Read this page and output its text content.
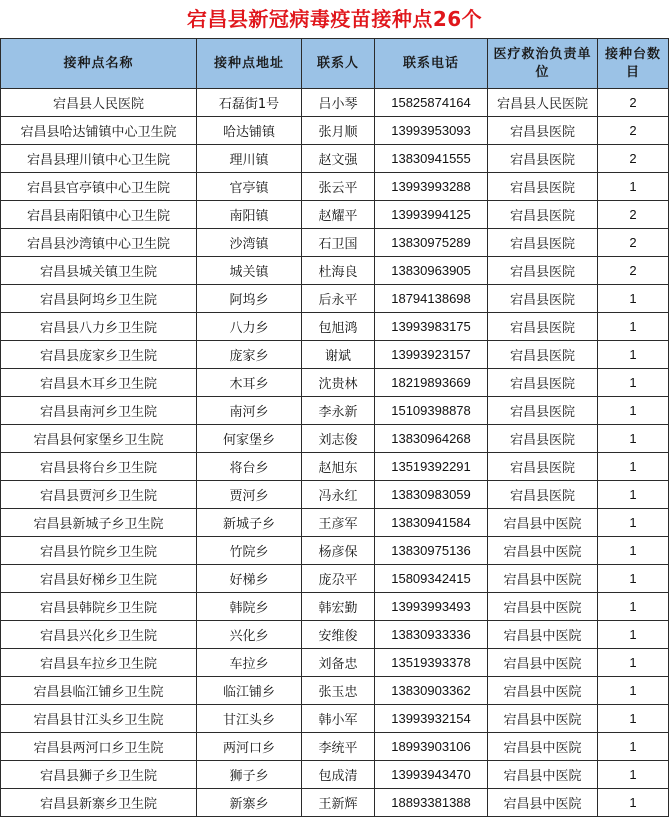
宕昌县新冠病毒疫苗接种点26个
接种点名称	接种点地址	联系人	联系电话	医疗救治负责单位	接种台数目
宕昌县人民医院	石磊街1号	吕小琴	15825874164	宕昌县人民医院	2
宕昌县哈达铺镇中心卫生院	哈达铺镇	张月顺	13993953093	宕昌县医院	2
宕昌县理川镇中心卫生院	理川镇	赵文强	13830941555	宕昌县医院	2
宕昌县官亭镇中心卫生院	官亭镇	张云平	13993993288	宕昌县医院	1
宕昌县南阳镇中心卫生院	南阳镇	赵耀平	13993994125	宕昌县医院	2
宕昌县沙湾镇中心卫生院	沙湾镇	石卫国	13830975289	宕昌县医院	2
宕昌县城关镇卫生院	城关镇	杜海良	13830963905	宕昌县医院	2
宕昌县阿坞乡卫生院	阿坞乡	后永平	18794138698	宕昌县医院	1
宕昌县八力乡卫生院	八力乡	包旭鸿	13993983175	宕昌县医院	1
宕昌县庞家乡卫生院	庞家乡	谢斌	13993923157	宕昌县医院	1
宕昌县木耳乡卫生院	木耳乡	沈贵林	18219893669	宕昌县医院	1
宕昌县南河乡卫生院	南河乡	李永新	15109398878	宕昌县医院	1
宕昌县何家堡乡卫生院	何家堡乡	刘志俊	13830964268	宕昌县医院	1
宕昌县将台乡卫生院	将台乡	赵旭东	13519392291	宕昌县医院	1
宕昌县贾河乡卫生院	贾河乡	冯永红	13830983059	宕昌县医院	1
宕昌县新城子乡卫生院	新城子乡	王彦军	13830941584	宕昌县中医院	1
宕昌县竹院乡卫生院	竹院乡	杨彦保	13830975136	宕昌县中医院	1
宕昌县好梯乡卫生院	好梯乡	庞尕平	15809342415	宕昌县中医院	1
宕昌县韩院乡卫生院	韩院乡	韩宏勤	13993993493	宕昌县中医院	1
宕昌县兴化乡卫生院	兴化乡	安维俊	13830933336	宕昌县中医院	1
宕昌县车拉乡卫生院	车拉乡	刘备忠	13519393378	宕昌县中医院	1
宕昌县临江铺乡卫生院	临江铺乡	张玉忠	13830903362	宕昌县中医院	1
宕昌县甘江头乡卫生院	甘江头乡	韩小军	13993932154	宕昌县中医院	1
宕昌县两河口乡卫生院	两河口乡	李统平	18993903106	宕昌县中医院	1
宕昌县狮子乡卫生院	狮子乡	包成清	13993943470	宕昌县中医院	1
宕昌县新寨乡卫生院	新寨乡	王新辉	18893381388	宕昌县中医院	1
